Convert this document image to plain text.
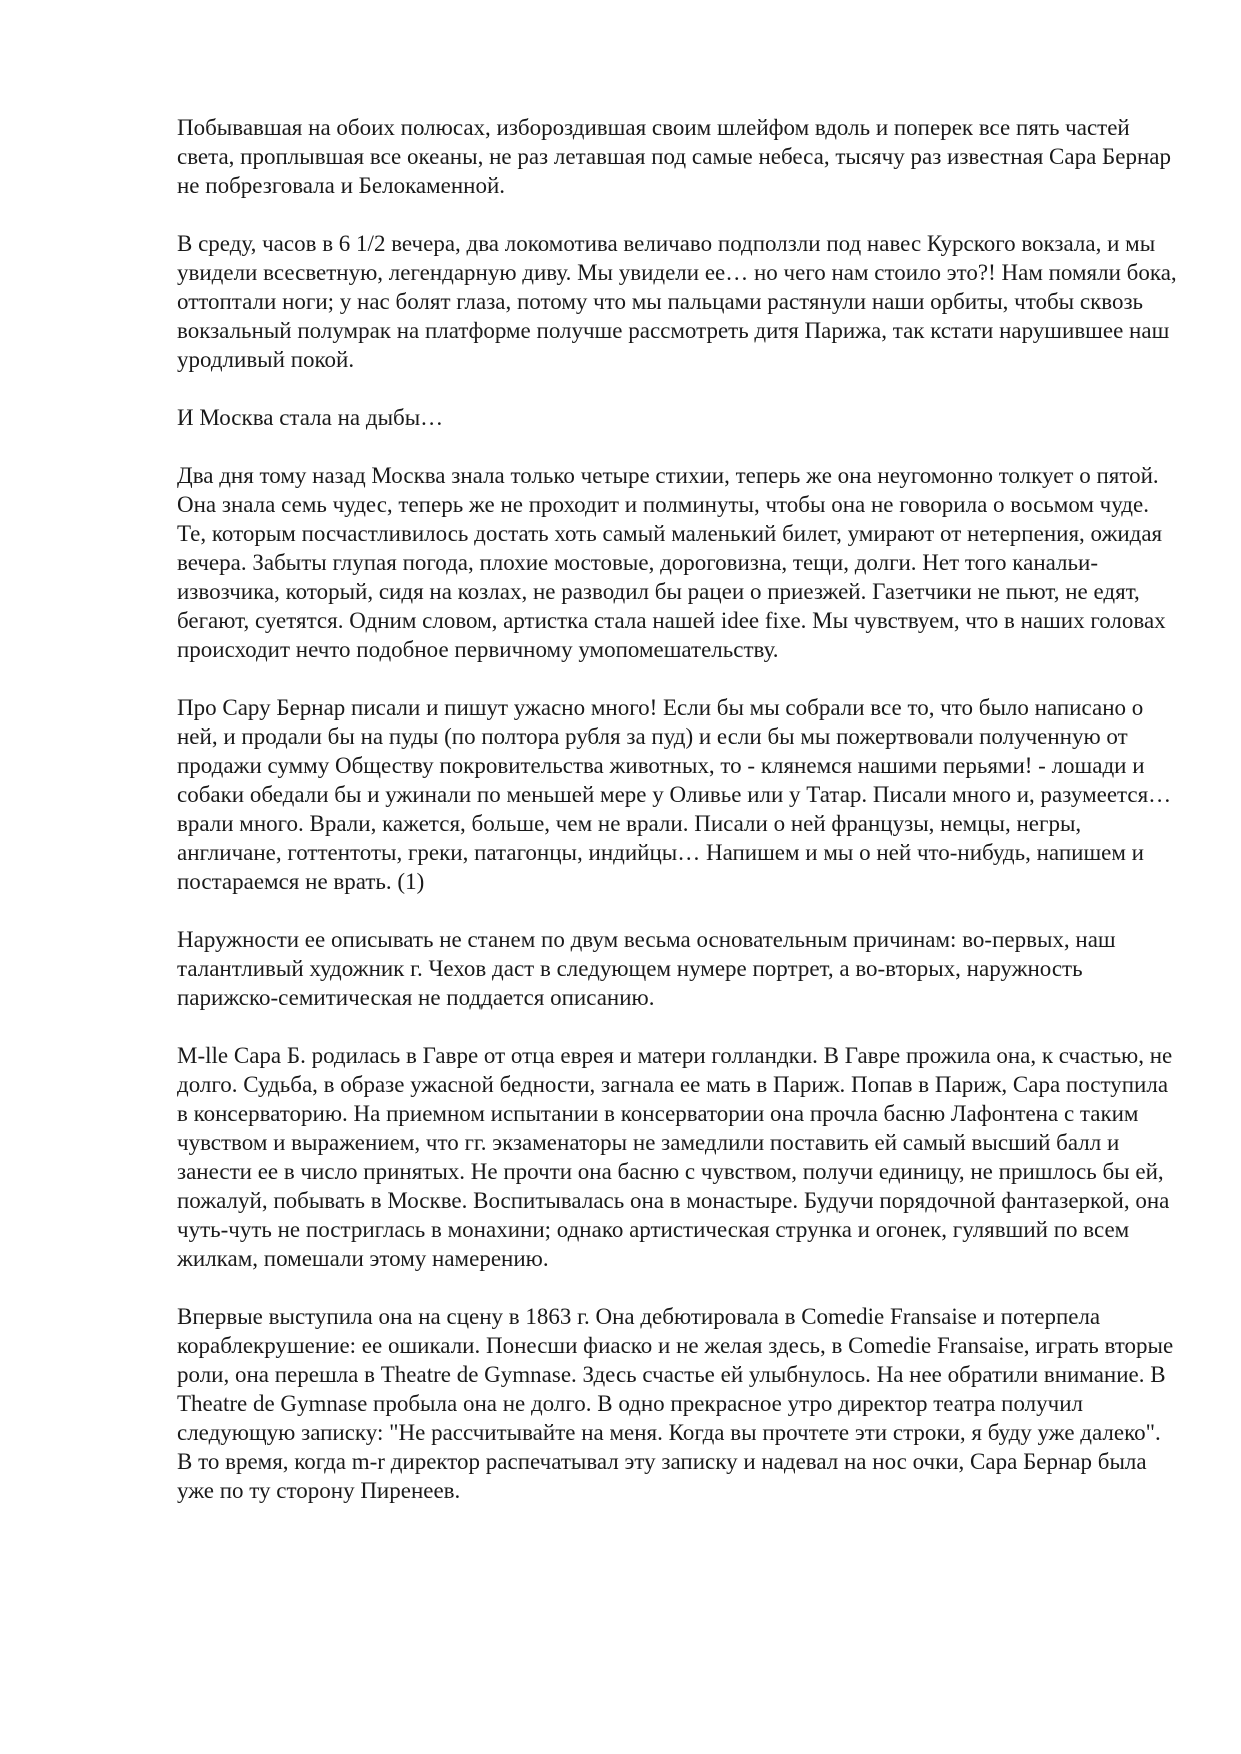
Побывавшая на обоих полюсах, избороздившая своим шлейфом вдоль и поперек все пять частей света, проплывшая все океаны, не раз летавшая под самые небеса, тысячу раз известная Сара Бернар не побрезговала и Белокаменной.

В среду, часов в 6 1/2 вечера, два локомотива величаво подползли под навес Курского вокзала, и мы увидели всесветную, легендарную диву. Мы увидели ее… но чего нам стоило это?! Нам помяли бока, оттоптали ноги; у нас болят глаза, потому что мы пальцами растянули наши орбиты, чтобы сквозь вокзальный полумрак на платформе получше рассмотреть дитя Парижа, так кстати нарушившее наш уродливый покой.

И Москва стала на дыбы…

Два дня тому назад Москва знала только четыре стихии, теперь же она неугомонно толкует о пятой. Она знала семь чудес, теперь же не проходит и полминуты, чтобы она не говорила о восьмом чуде. Те, которым посчастливилось достать хоть самый маленький билет, умирают от нетерпения, ожидая вечера. Забыты глупая погода, плохие мостовые, дороговизна, тещи, долги. Нет того канальи-извозчика, который, сидя на козлах, не разводил бы рацеи о приезжей. Газетчики не пьют, не едят, бегают, суетятся. Одним словом, артистка стала нашей idee fixe. Мы чувствуем, что в наших головах происходит нечто подобное первичному умопомешательству.

Про Сару Бернар писали и пишут ужасно много! Если бы мы собрали все то, что было написано о ней, и продали бы на пуды (по полтора рубля за пуд) и если бы мы пожертвовали полученную от продажи сумму Обществу покровительства животных, то - клянемся нашими перьями! - лошади и собаки обедали бы и ужинали по меньшей мере у Оливье или у Татар. Писали много и, разумеется… врали много. Врали, кажется, больше, чем не врали. Писали о ней французы, немцы, негры, англичане, готтентоты, греки, патагонцы, индийцы… Напишем и мы о ней что-нибудь, напишем и постараемся не врать. (1)

Наружности ее описывать не станем по двум весьма основательным причинам: во-первых, наш талантливый художник г. Чехов даст в следующем нумере портрет, а во-вторых, наружность парижско-семитическая не поддается описанию.

M-lle Сара Б. родилась в Гавре от отца еврея и матери голландки. В Гавре прожила она, к счастью, не долго. Судьба, в образе ужасной бедности, загнала ее мать в Париж. Попав в Париж, Сара поступила в консерваторию. На приемном испытании в консерватории она прочла басню Лафонтена с таким чувством и выражением, что гг. экзаменаторы не замедлили поставить ей самый высший балл и занести ее в число принятых. Не прочти она басню с чувством, получи единицу, не пришлось бы ей, пожалуй, побывать в Москве. Воспитывалась она в монастыре. Будучи порядочной фантазеркой, она чуть-чуть не постриглась в монахини; однако артистическая струнка и огонек, гулявший по всем жилкам, помешали этому намерению.

Впервые выступила она на сцену в 1863 г. Она дебютировала в Comedie Fransaise и потерпела кораблекрушение: ее ошикали. Понесши фиаско и не желая здесь, в Comedie Fransaise, играть вторые роли, она перешла в Theatre de Gymnase. Здесь счастье ей улыбнулось. На нее обратили внимание. В Theatre de Gymnase пробыла она не долго. В одно прекрасное утро директор театра получил следующую записку: "Не рассчитывайте на меня. Когда вы прочтете эти строки, я буду уже далеко". В то время, когда m-r директор распечатывал эту записку и надевал на нос очки, Сара Бернар была уже по ту сторону Пиренеев.
